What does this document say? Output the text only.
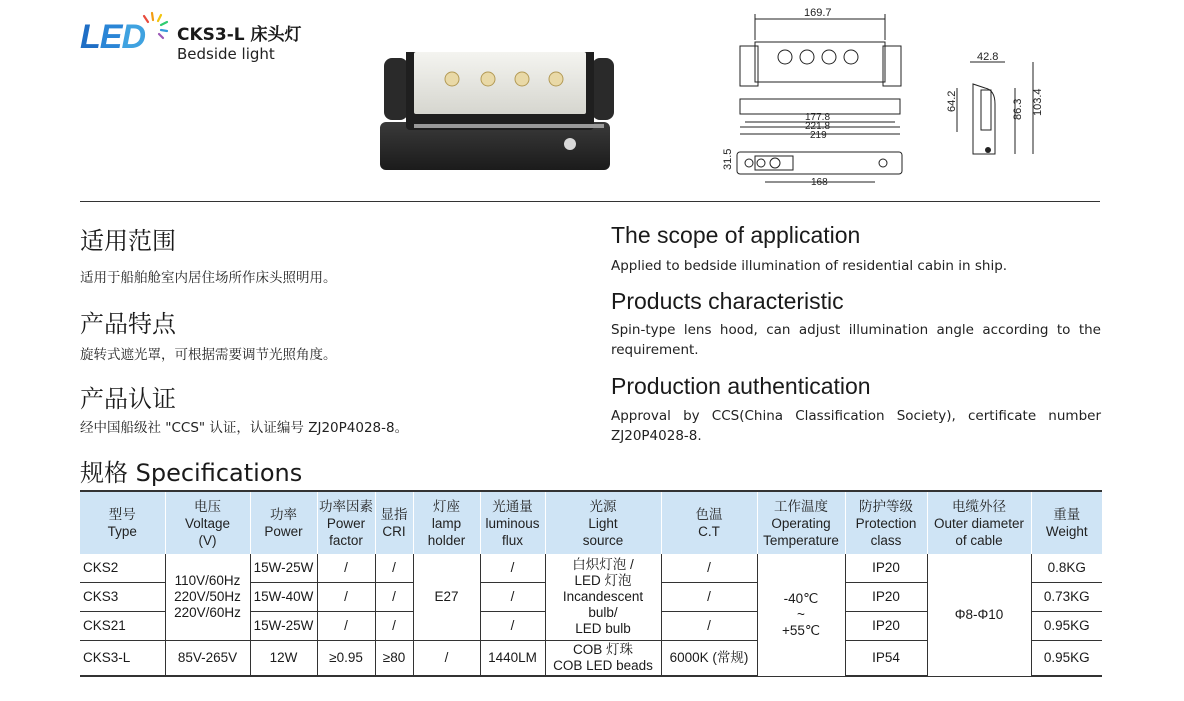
LED CKS3-L 床头灯
Bedside light
169.7
177.8
221.8
219
31.5
168
42.8
64.2	86.3 103.4
适用范围
适用于船舶舱室内居住场所作床头照明用。
产品特点
旋转式遮光罩，可根据需要调节光照角度。
产品认证
经中国船级社 "CCS" 认证，认证编号 ZJ20P4028-8。
规格 Specifications
The scope of application
Applied to bedside illumination of residential cabin in ship.
Products characteristic
Spin-type lens hood, can adjust illumination angle according to the requirement.
Production authentication
Approval by CCS(China Classification Society), certificate number ZJ20P4028-8.
型号
Type	电压
Voltage
(V)	功率
Power	功率因素
Power
factor	显指
CRI	灯座
lamp
holder	光通量
luminous
flux	光源
Light
source	色温
C.T	工作温度
Operating
Temperature	防护等级
Protection
class	电缆外径
Outer diameter
of cable	重量
Weight

CKS2	110V/60Hz
220V/50Hz
220V/60Hz	15W-25W	/	/	E27	/	白炽灯泡 /
LED 灯泡
Incandescent
bulb/
LED bulb	/	-40℃
~
+55℃	IP20	Φ8-Φ10	0.8KG
CKS3		15W-40W	/	/		/		/		IP20		0.73KG
CKS21		15W-25W	/	/		/		/		IP20		0.95KG
CKS3-L	85V-265V	12W	≥0.95	≥80	/	1440LM	COB 灯珠
COB LED beads	6000K (常规)		IP54		0.95KG
